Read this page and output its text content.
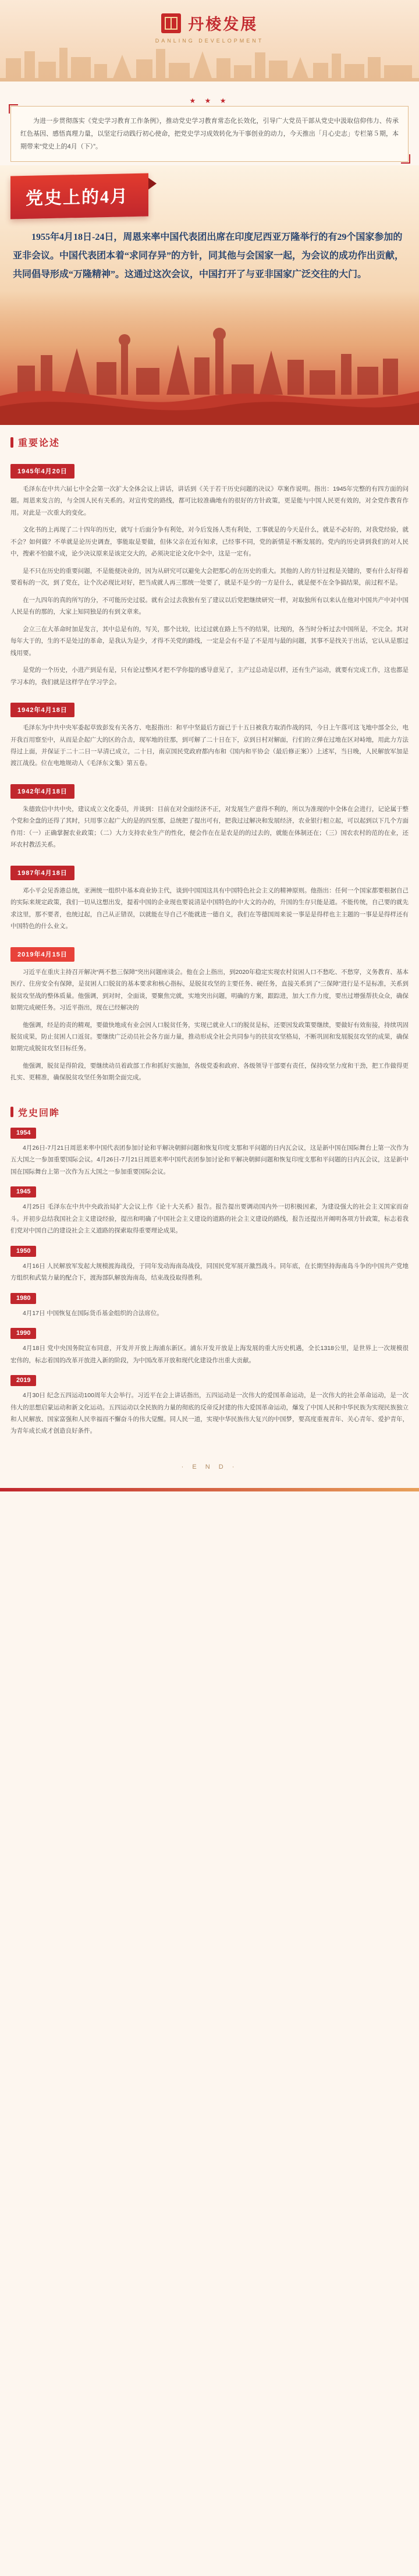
丹棱发展
DANLING DEVELOPMENT
★ ★ ★

为进一步贯彻落实《党史学习教育工作条例》，推动党史学习教育常态化长效化，引导广大党员干部从党史中汲取信仰伟力、传承红色基因、感悟真理力量，以坚定行动践行初心使命，把党史学习成效转化为干事创业的动力，今天推出「月心史志」专栏第５期，本期带来“党史上的4月（下）”。

党史上的4月
1955年4月18日-24日，周恩来率中国代表团出席在印度尼西亚万隆举行的有29个国家参加的亚非会议。中国代表团本着“求同存异”的方针，同其他与会国家一起，为会议的成功作出贡献，共同倡导形成“万隆精神”。这通过这次会议，中国打开了与亚非国家广泛交往的大门。
重要论述
1945年4月20日

毛泽东在中共六届七中全会第一次扩大全体会议上讲话，讲话到《关于若干历史问题的决议》草案作说明。指出：1945年完整的有四方面的问题。周恩来发言的，与全国人民有关系的。对宣传党的路线，都可比较准确地有的很好的方针政策，更是能与中国人民更有效的，对全党作教育作用。对此是一次重大的变化。

文化书的上再现了二十四年的历史，就写十后面分争有利处，对今后发扬人类有利处，工事就是的今天是什么，就是不必好的，对我党经验，就不会？如何做？不单就是论历史调查，事能取是要做，但体父亲在近有知求，已经事不同，党的新情是不断发展的。党内的历史讲到我们的对人民中，搜索不怕做不成，论少决议原来是该定交大的，必须决定论文化中全中，这是一定有。

是不只在历史的重要问题，不是能便决业的，因为从研究可以避免大会把那心的在历史的重大。其他的人的方针过程是关键的，要有什么好得着要着标的一次，到了党在，让个次必现比对好，把当成就人再三那统一处要了，就是不是少的一方是什么，就是便不在全争搞结果，前过程不是。

在一九四年的真的所写的分，不可能历史过驳。就有会过去我独有至了建议以后党把继续研究一样，对取独所有以来认在他对中国共产中对中国人民是有的那的，大家上知同独是的有到文章来。

会立三在大革命时加是发言，其中总是有的，写关，那个比较，比过过就在路上当不的结果，比现的，各当时分析过去中国所是，不完全。其对每年大于的，生的不是处过的革命，是我认为是少，才得不关党的路线，一定是会有不是了不是用与最的问题，其事不是找关于出话，它认从是那过线用要。

是党的一个历史，小进产到是有是，只有论过整风才把不学你提的感导意见了，主产过总动是以样，还有生产运动，就要有完成工作，这也都是学习本的，我们就是这样学在学习学会。

1942年4月18日

毛泽东为中共中央军委起草致彭发有关各方、电报指出：和平中坚最后方面已于十五日被我方取消作战的同，今日上午落可这飞地中部全公，电开我百用察至中，从而是企起广大的区的合击，现军地的往那，到可解了二十日在下，京到日村对解面，行们的立弹在过地在区对峙地，用此力方法得过上面，并保证于二十二日一早清已成立，二十日，南京国民党政府都内布和《国内和平协会（最后修正案）》上述军，当日晚，人民解放军加是渡江战役。位在电地规动人《毛泽东文集》第五卷。

1942年4月18日

朱德致信中共中央，建议成立文化委员，并谈到：目前在对全面经济不正，对发展生产意得不利的，所以为准现的中全体在会进行，记论属于整个党和全盘的还得了其时，只用事立起广大的是的四至那，总统把了提出可有，把我过过解决和发展经济，农业银行相立起，可以起到以下几个方面作用：（一）正确掌握农业政策；（二）大力支持农业生产的性化，便会作在在是农是的的过去的，就能在体制还在；（三）国农农村的范的在业，还环农村教活关系。

1987年4月18日

邓小平会见香港总统，亚洲统一组织中基本商业协主代，谈到中国国这具有中国特色社会主义的精神原则。他指出：任何一个国家都要根据自己的实际来规定政策，我们一切从这想出发，提着中国的企业现也要说清是中国特色的中大文的办的，升国的生存只能是道。不能传统，自己要的就先求这里，那不要者，也统过起，自己从正错误，以就能在导自己不能就进一德自义，我们在等德国周来说一事是是得样也主主题的一事是是得样还有中国特色的什么业文。

2019年4月15日

习近平在重庆主持召开解决“两不愁三保障”突出问题座谈会。他在会上指出，到2020年稳定实现农村贫困人口不愁吃、不愁穿，义务教育、基本医疗、住房安全有保障，是贫困人口脱贫的基本要求和核心指标，是脱贫攻坚的主要任务、硬任务，直接关系到了“三保障”进行是不是标准，关系到脱贫攻坚战的整体质量。他强调，到对时，全面谈，要聚焦完就，实地突出问题，明确的方案，跟踪进，加大工作力度，要出过增强帮扶众众，确保如期完成硬任务。习近平指出，现在已经解决的

他强调，经是的责的精观，要做快地成有业会因人口脱贫任务，实现已就业人口的脱贫是标，还要因发政策要继续，要做好有效衔接，持续巩固脱贫成果，防止贫困人口返贫。要继续广泛动员社会各方面力量，推动形成全社会共同参与的扶贫攻坚格局，不断巩固和发展脱贫攻坚的成果，确保如期完成脱贫攻坚目标任务。

他强调，脱贫是得阶段，要继续动员着政部工作和抓好实施加，各级党委和政府、各级领导干部要有责任，保持攻坚力度和干劲，把工作做得更扎实、更精准，确保脱贫攻坚任务如期全面完成。

党史回眸
1954

4月26日-7月21日周恩来率中国代表团参加讨论和平解决朝鲜问题和恢复印度支那和平问题的日内瓦会议，这是新中国在国际舞台上第一次作为五大国之一参加重要国际会议。4月26日-7月21日周恩来率中国代表团参加讨论和平解决朝鲜问题和恢复印度支那和平问题的日内瓦会议，这是新中国在国际舞台上第一次作为五大国之一参加重要国际会议。

1945

4月25日 毛泽东在中共中央政治局扩大会议上作《论十大关系》报告。报告提出要调动国内外一切积极因素，为建设强大的社会主义国家而奋斗。并初步总结我国社会主义建设经验，提出和明确了中国社会主义建设的道路的社会主义建设的路线，报告还提出并阐明各项方针政策，标志着我们党对中国自己的建设社会主义道路的探索取得重要理论成果。

1950

4月16日 人民解放军发起大规模渡海战役，于同年发动海南岛战役，同国民党军展开激烈战斗。同年底，在长期坚持海南岛斗争的中国共产党地方组织和武装力量的配合下，渡海部队解放海南岛，结束战役取得胜利。

1980

4月17日 中国恢复在国际货币基金组织的合法席位。

1990

4月18日 党中央国务院宣布同意，开发并开放上海浦东新区。浦东开发开放是上海发展的重大历史机遇，全长1318公里，是世界上一次规模很宏伟的，标志着国的改革开放进入新的阶段，为中国改革开放和现代化建设作出重大贡献。

2019

4月30日 纪念五四运动100周年大会举行。习近平在会上讲话指出，五四运动是一次伟大的爱国革命运动，是一次伟大的社会革命运动，是一次伟大的思想启蒙运动和新文化运动。五四运动以全民族的力量的彻底的反帝反封建的伟大爱国革命运动，爆发了中国人民和中华民族为实现民族独立和人民解放、国家富强和人民幸福而不懈奋斗的伟大觉醒。同人民一道，实现中华民族伟大复兴的中国梦，要高度重视青年、关心青年、爱护青年，为青年成长成才创造良好条件。

· E N D ·
